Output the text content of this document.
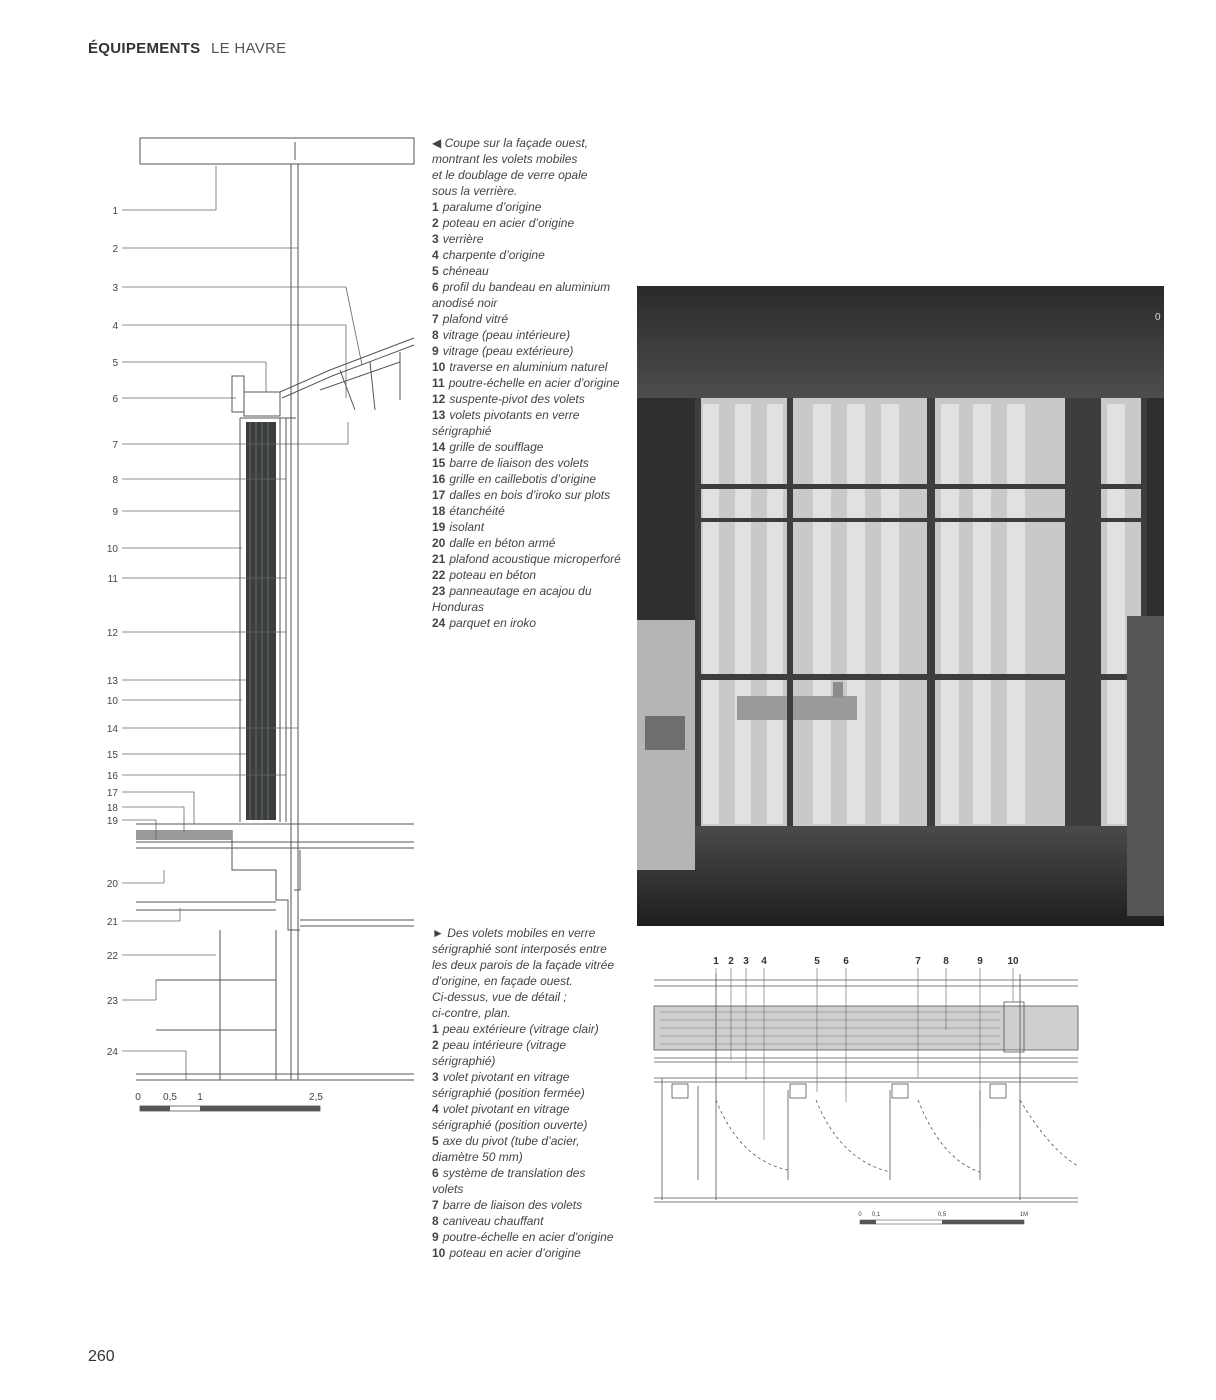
ÉQUIPEMENTS LE HAVRE
1
2
3
4
5
6
7
8
9
10
11
12
13
10
14
15
16
17
18
19
20
21
22
23
24
0 0,5 1	2,5
◀ Coupe sur la façade ouest,
montrant les volets mobiles
et le doublage de verre opale
sous la verrière.
1 paralume d’origine
2 poteau en acier d’origine
3 verrière
4 charpente d’origine
5 chéneau
6 profil du bandeau en aluminium
anodisé noir
7 plafond vitré
8 vitrage (peau intérieure)
9 vitrage (peau extérieure)
10 traverse en aluminium naturel
11 poutre-échelle en acier d’origine
12 suspente-pivot des volets
13 volets pivotants en verre
sérigraphié
14 grille de soufflage
15 barre de liaison des volets
16 grille en caillebotis d’origine
17 dalles en bois d’iroko sur plots
18 étanchéité
19 isolant
20 dalle en béton armé
21 plafond acoustique microperforé
22 poteau en béton
23 panneautage en acajou du
Honduras
24 parquet en iroko
0
► Des volets mobiles en verre
sérigraphié sont interposés entre
les deux parois de la façade vitrée
d’origine, en façade ouest.
Ci-dessus, vue de détail ;
ci-contre, plan.
1 peau extérieure (vitrage clair)
2 peau intérieure (vitrage
sérigraphié)
3 volet pivotant en vitrage
sérigraphié (position fermée)
4 volet pivotant en vitrage
sérigraphié (position ouverte)
5 axe du pivot (tube d’acier,
diamètre 50 mm)
6 système de translation des
volets
7 barre de liaison des volets
8 caniveau chauffant
9 poutre-échelle en acier d’origine
10 poteau en acier d’origine
1 2 3 4	5 6	7 8	9 10
0 0,1	0,5	1M
260
